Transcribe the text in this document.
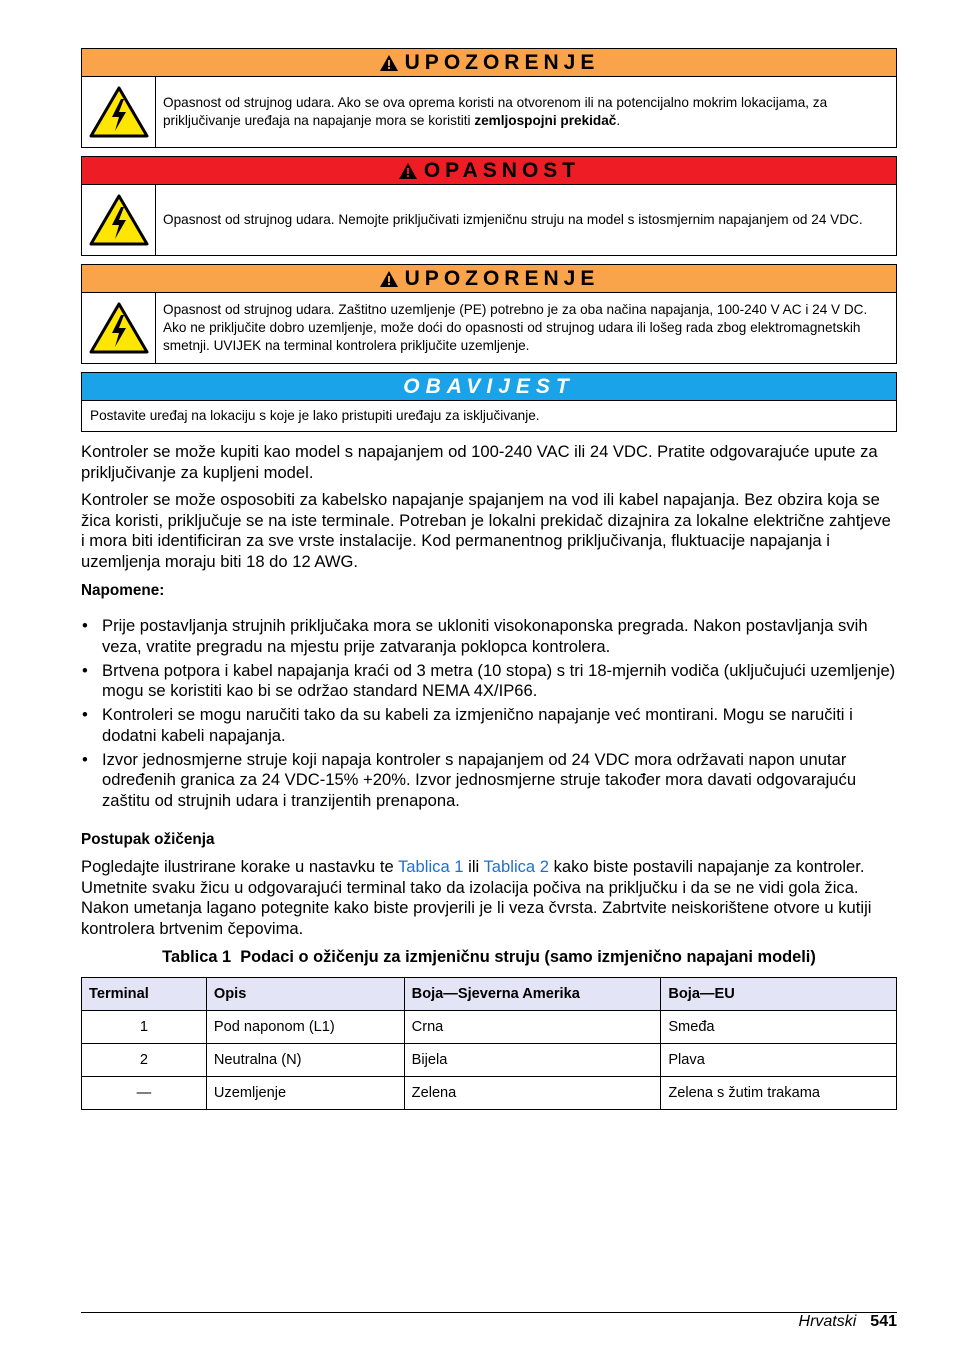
UPOZORENJE
Opasnost od strujnog udara. Ako se ova oprema koristi na otvorenom ili na potencijalno mokrim lokacijama, za priključivanje uređaja na napajanje mora se koristiti zemljospojni prekidač.
OPASNOST
Opasnost od strujnog udara. Nemojte priključivati izmjeničnu struju na model s istosmjernim napajanjem od 24 VDC.
UPOZORENJE
Opasnost od strujnog udara. Zaštitno uzemljenje (PE) potrebno je za oba načina napajanja, 100-240 V AC i 24 V DC. Ako ne priključite dobro uzemljenje, može doći do opasnosti od strujnog udara ili lošeg rada zbog elektromagnetskih smetnji. UVIJEK na terminal kontrolera priključite uzemljenje.
OBAVIJEST
Postavite uređaj na lokaciju s koje je lako pristupiti uređaju za isključivanje.

Kontroler se može kupiti kao model s napajanjem od 100-240 VAC ili 24 VDC. Pratite odgovarajuće upute za priključivanje za kupljeni model.

Kontroler se može osposobiti za kabelsko napajanje spajanjem na vod ili kabel napajanja. Bez obzira koja se žica koristi, priključuje se na iste terminale. Potreban je lokalni prekidač dizajnira za lokalne električne zahtjeve i mora biti identificiran za sve vrste instalacije. Kod permanentnog priključivanja, fluktuacije napajanja i uzemljenja moraju biti 18 do 12 AWG.

Napomene:
• Prije postavljanja strujnih priključaka mora se ukloniti visokonaponska pregrada. Nakon postavljanja svih veza, vratite pregradu na mjestu prije zatvaranja poklopca kontrolera.
• Brtvena potpora i kabel napajanja kraći od 3 metra (10 stopa) s tri 18-mjernih vodiča (uključujući uzemljenje) mogu se koristiti kao bi se održao standard NEMA 4X/IP66.
• Kontroleri se mogu naručiti tako da su kabeli za izmjenično napajanje već montirani. Mogu se naručiti i dodatni kabeli napajanja.
• Izvor jednosmjerne struje koji napaja kontroler s napajanjem od 24 VDC mora održavati napon unutar određenih granica za 24 VDC-15% +20%. Izvor jednosmjerne struje također mora davati odgovarajuću zaštitu od strujnih udara i tranzijentih prenapona.
Postupak ožičenja

Pogledajte ilustrirane korake u nastavku te Tablica 1 ili Tablica 2 kako biste postavili napajanje za kontroler. Umetnite svaku žicu u odgovarajući terminal tako da izolacija počiva na priključku i da se ne vidi gola žica. Nakon umetanja lagano potegnite kako biste provjerili je li veza čvrsta. Zabrtvite neiskorištene otvore u kutiji kontrolera brtvenim čepovima.

Tablica 1 Podaci o ožičenju za izmjeničnu struju (samo izmjenično napajani modeli)
Terminal	Opis	Boja—Sjeverna Amerika	Boja—EU
1	Pod naponom (L1)	Crna	Smeđa
2	Neutralna (N)	Bijela	Plava
—	Uzemljenje	Zelena	Zelena s žutim trakama
Hrvatski 541
